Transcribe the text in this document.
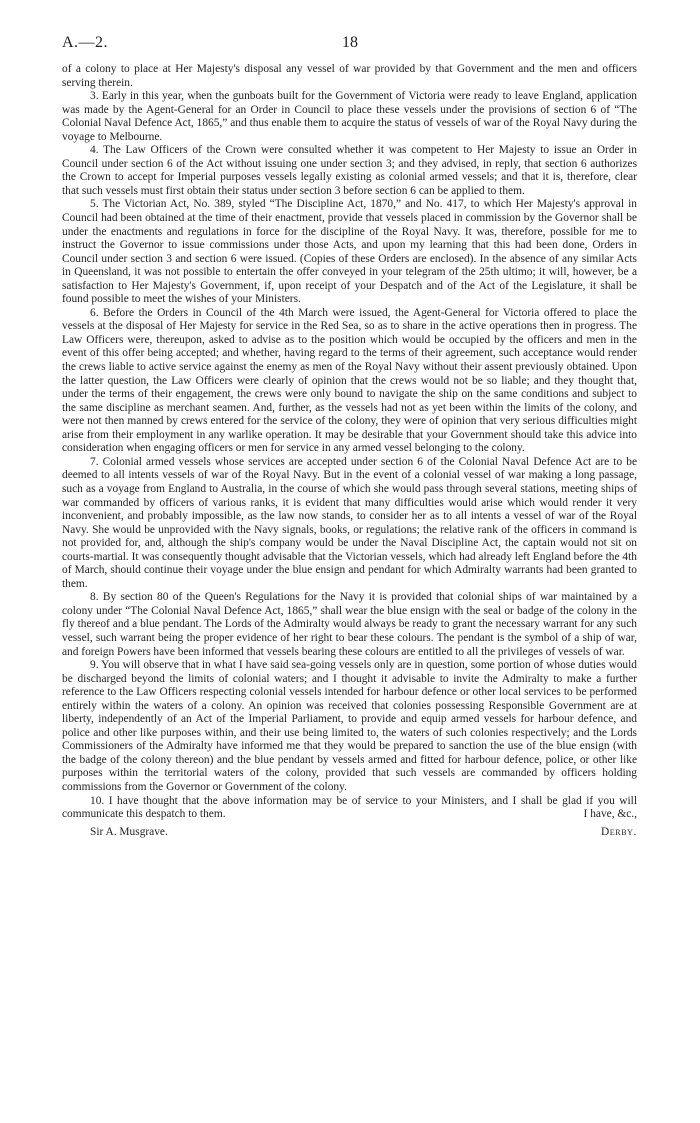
A.—2.	18

of a colony to place at Her Majesty's disposal any vessel of war provided by that Government and the men and officers serving therein.

3. Early in this year, when the gunboats built for the Government of Victoria were ready to leave England, application was made by the Agent-General for an Order in Council to place these vessels under the provisions of section 6 of “The Colonial Naval Defence Act, 1865,” and thus enable them to acquire the status of vessels of war of the Royal Navy during the voyage to Melbourne.

4. The Law Officers of the Crown were consulted whether it was competent to Her Majesty to issue an Order in Council under section 6 of the Act without issuing one under section 3; and they advised, in reply, that section 6 authorizes the Crown to accept for Imperial purposes vessels legally existing as colonial armed vessels; and that it is, therefore, clear that such vessels must first obtain their status under section 3 before section 6 can be applied to them.

5. The Victorian Act, No. 389, styled “The Discipline Act, 1870,” and No. 417, to which Her Majesty's approval in Council had been obtained at the time of their enactment, provide that vessels placed in commission by the Governor shall be under the enactments and regulations in force for the discipline of the Royal Navy. It was, therefore, possible for me to instruct the Governor to issue commissions under those Acts, and upon my learning that this had been done, Orders in Council under section 3 and section 6 were issued. (Copies of these Orders are enclosed). In the absence of any similar Acts in Queensland, it was not possible to entertain the offer conveyed in your telegram of the 25th ultimo; it will, however, be a satisfaction to Her Majesty's Government, if, upon receipt of your Despatch and of the Act of the Legislature, it shall be found possible to meet the wishes of your Ministers.

6. Before the Orders in Council of the 4th March were issued, the Agent-General for Victoria offered to place the vessels at the disposal of Her Majesty for service in the Red Sea, so as to share in the active operations then in progress. The Law Officers were, thereupon, asked to advise as to the position which would be occupied by the officers and men in the event of this offer being accepted; and whether, having regard to the terms of their agreement, such acceptance would render the crews liable to active service against the enemy as men of the Royal Navy without their assent previously obtained. Upon the latter question, the Law Officers were clearly of opinion that the crews would not be so liable; and they thought that, under the terms of their engagement, the crews were only bound to navigate the ship on the same conditions and subject to the same discipline as merchant seamen. And, further, as the vessels had not as yet been within the limits of the colony, and were not then manned by crews entered for the service of the colony, they were of opinion that very serious difficulties might arise from their employment in any warlike operation. It may be desirable that your Government should take this advice into consideration when engaging officers or men for service in any armed vessel belonging to the colony.

7. Colonial armed vessels whose services are accepted under section 6 of the Colonial Naval Defence Act are to be deemed to all intents vessels of war of the Royal Navy. But in the event of a colonial vessel of war making a long passage, such as a voyage from England to Australia, in the course of which she would pass through several stations, meeting ships of war commanded by officers of various ranks, it is evident that many difficulties would arise which would render it very inconvenient, and probably impossible, as the law now stands, to consider her as to all intents a vessel of war of the Royal Navy. She would be unprovided with the Navy signals, books, or regulations; the relative rank of the officers in command is not provided for, and, although the ship's company would be under the Naval Discipline Act, the captain would not sit on courts-martial. It was consequently thought advisable that the Victorian vessels, which had already left England before the 4th of March, should continue their voyage under the blue ensign and pendant for which Admiralty warrants had been granted to them.

8. By section 80 of the Queen's Regulations for the Navy it is provided that colonial ships of war maintained by a colony under “The Colonial Naval Defence Act, 1865,” shall wear the blue ensign with the seal or badge of the colony in the fly thereof and a blue pendant. The Lords of the Admiralty would always be ready to grant the necessary warrant for any such vessel, such warrant being the proper evidence of her right to bear these colours. The pendant is the symbol of a ship of war, and foreign Powers have been informed that vessels bearing these colours are entitled to all the privileges of vessels of war.

9. You will observe that in what I have said sea-going vessels only are in question, some portion of whose duties would be discharged beyond the limits of colonial waters; and I thought it advisable to invite the Admiralty to make a further reference to the Law Officers respecting colonial vessels intended for harbour defence or other local services to be performed entirely within the waters of a colony. An opinion was received that colonies possessing Responsible Government are at liberty, independently of an Act of the Imperial Parliament, to provide and equip armed vessels for harbour defence, and police and other like purposes within, and their use being limited to, the waters of such colonies respectively; and the Lords Commissioners of the Admiralty have informed me that they would be prepared to sanction the use of the blue ensign (with the badge of the colony thereon) and the blue pendant by vessels armed and fitted for harbour defence, police, or other like purposes within the territorial waters of the colony, provided that such vessels are commanded by officers holding commissions from the Governor or Government of the colony.

10. I have thought that the above information may be of service to your Ministers, and I shall be glad if you will communicate this despatch to them.	I have, &c.,

Sir A. Musgrave.	Derby.
